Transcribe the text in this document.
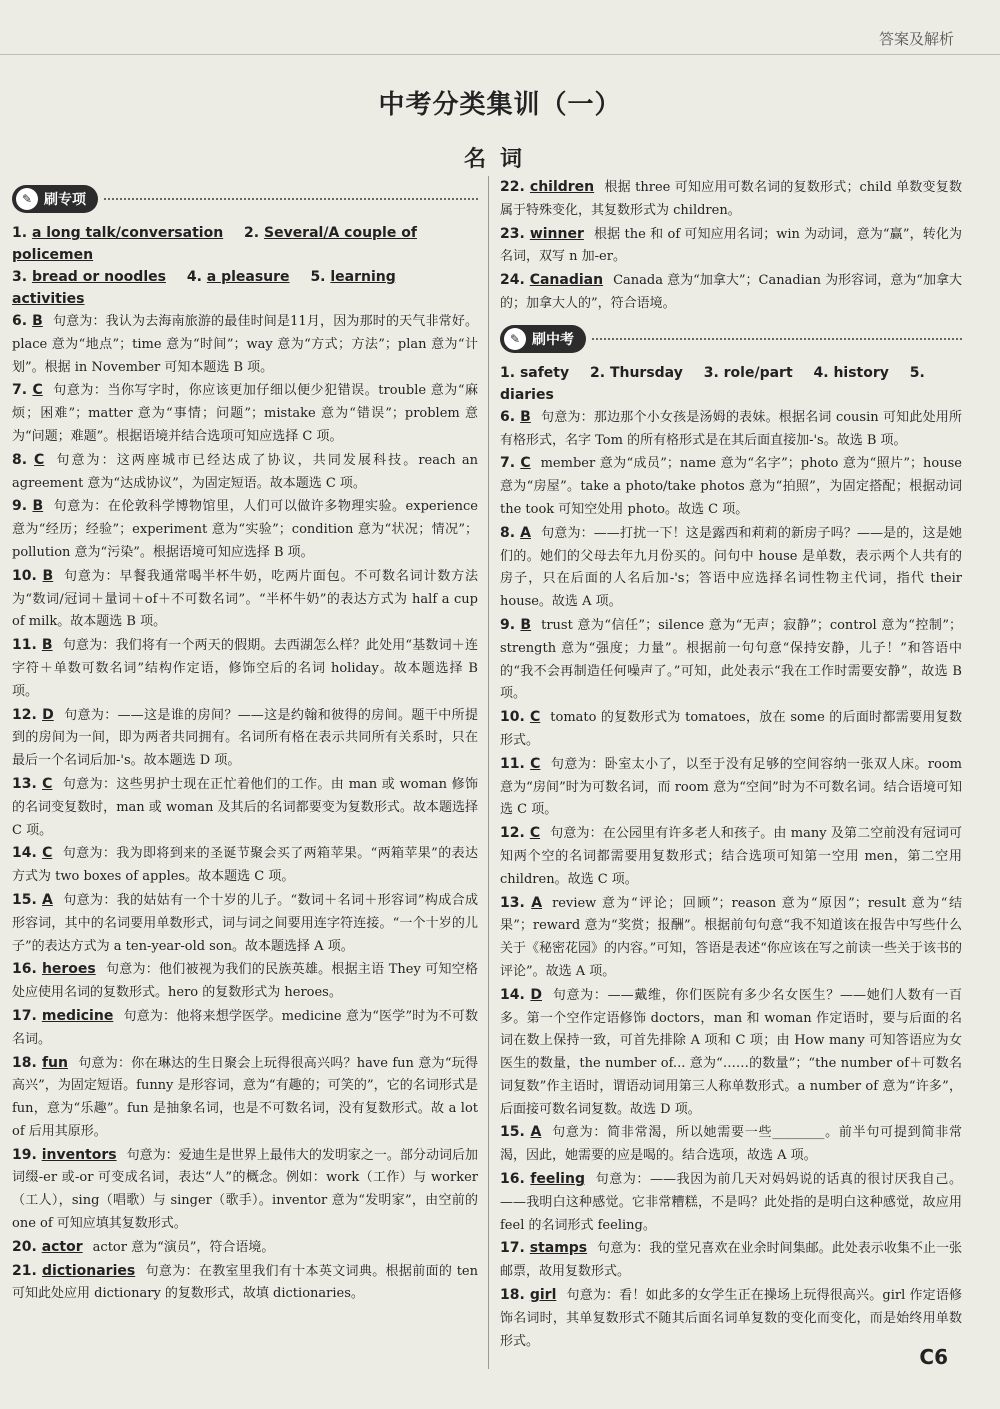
答案及解析
中考分类集训（一）
名词
✎ 刷专项
1. a long talk/conversation 2. Several/A couple of policemen
3. bread or noodles 4. a pleasure 5. learning activities

6. B 句意为：我认为去海南旅游的最佳时间是11月，因为那时的天气非常好。place 意为“地点”；time 意为“时间”；way 意为“方式；方法”；plan 意为“计划”。根据 in November 可知本题选 B 项。

7. C 句意为：当你写字时，你应该更加仔细以便少犯错误。trouble 意为“麻烦；困难”；matter 意为“事情；问题”；mistake 意为“错误”；problem 意为“问题；难题”。根据语境并结合选项可知应选择 C 项。

8. C 句意为：这两座城市已经达成了协议，共同发展科技。reach an agreement 意为“达成协议”，为固定短语。故本题选 C 项。

9. B 句意为：在伦敦科学博物馆里，人们可以做许多物理实验。experience 意为“经历；经验”；experiment 意为“实验”；condition 意为“状况；情况”；pollution 意为“污染”。根据语境可知应选择 B 项。

10. B 句意为：早餐我通常喝半杯牛奶，吃两片面包。不可数名词计数方法为“数词/冠词＋量词＋of＋不可数名词”。“半杯牛奶”的表达方式为 half a cup of milk。故本题选 B 项。

11. B 句意为：我们将有一个两天的假期。去西湖怎么样？此处用“基数词＋连字符＋单数可数名词”结构作定语，修饰空后的名词 holiday。故本题选择 B 项。

12. D 句意为：——这是谁的房间？——这是约翰和彼得的房间。题干中所提到的房间为一间，即为两者共同拥有。名词所有格在表示共同所有关系时，只在最后一个名词后加-'s。故本题选 D 项。

13. C 句意为：这些男护士现在正忙着他们的工作。由 man 或 woman 修饰的名词变复数时，man 或 woman 及其后的名词都要变为复数形式。故本题选择 C 项。

14. C 句意为：我为即将到来的圣诞节聚会买了两箱苹果。“两箱苹果”的表达方式为 two boxes of apples。故本题选 C 项。

15. A 句意为：我的姑姑有一个十岁的儿子。“数词＋名词＋形容词”构成合成形容词，其中的名词要用单数形式，词与词之间要用连字符连接。“一个十岁的儿子”的表达方式为 a ten-year-old son。故本题选择 A 项。

16. heroes 句意为：他们被视为我们的民族英雄。根据主语 They 可知空格处应使用名词的复数形式。hero 的复数形式为 heroes。

17. medicine 句意为：他将来想学医学。medicine 意为“医学”时为不可数名词。

18. fun 句意为：你在琳达的生日聚会上玩得很高兴吗？have fun 意为“玩得高兴”，为固定短语。funny 是形容词，意为“有趣的；可笑的”，它的名词形式是 fun，意为“乐趣”。fun 是抽象名词，也是不可数名词，没有复数形式。故 a lot of 后用其原形。

19. inventors 句意为：爱迪生是世界上最伟大的发明家之一。部分动词后加词缀-er 或-or 可变成名词，表达“人”的概念。例如：work（工作）与 worker（工人），sing（唱歌）与 singer（歌手）。inventor 意为“发明家”，由空前的 one of 可知应填其复数形式。

20. actor actor 意为“演员”，符合语境。

21. dictionaries 句意为：在教室里我们有十本英文词典。根据前面的 ten 可知此处应用 dictionary 的复数形式，故填 dictionaries。

22. children 根据 three 可知应用可数名词的复数形式；child 单数变复数属于特殊变化，其复数形式为 children。

23. winner 根据 the 和 of 可知应用名词；win 为动词，意为“赢”，转化为名词，双写 n 加-er。

24. Canadian Canada 意为“加拿大”；Canadian 为形容词，意为“加拿大的；加拿大人的”，符合语境。

✎ 刷中考
1. safety 2. Thursday 3. role/part 4. history 5. diaries

6. B 句意为：那边那个小女孩是汤姆的表妹。根据名词 cousin 可知此处用所有格形式，名字 Tom 的所有格形式是在其后面直接加-'s。故选 B 项。

7. C member 意为“成员”；name 意为“名字”；photo 意为“照片”；house 意为“房屋”。take a photo/take photos 意为“拍照”，为固定搭配；根据动词 the took 可知空处用 photo。故选 C 项。

8. A 句意为：——打扰一下！这是露西和莉莉的新房子吗？——是的，这是她们的。她们的父母去年九月份买的。问句中 house 是单数，表示两个人共有的房子，只在后面的人名后加-'s；答语中应选择名词性物主代词，指代 their house。故选 A 项。

9. B trust 意为“信任”；silence 意为“无声；寂静”；control 意为“控制”；strength 意为“强度；力量”。根据前一句句意“保持安静，儿子！”和答语中的“我不会再制造任何噪声了。”可知，此处表示“我在工作时需要安静”，故选 B 项。

10. C tomato 的复数形式为 tomatoes，放在 some 的后面时都需要用复数形式。

11. C 句意为：卧室太小了，以至于没有足够的空间容纳一张双人床。room 意为“房间”时为可数名词，而 room 意为“空间”时为不可数名词。结合语境可知选 C 项。

12. C 句意为：在公园里有许多老人和孩子。由 many 及第二空前没有冠词可知两个空的名词都需要用复数形式；结合选项可知第一空用 men，第二空用 children。故选 C 项。

13. A review 意为“评论；回顾”；reason 意为“原因”；result 意为“结果”；reward 意为“奖赏；报酬”。根据前句句意“我不知道该在报告中写些什么关于《秘密花园》的内容。”可知，答语是表述“你应该在写之前读一些关于该书的评论”。故选 A 项。

14. D 句意为：——戴维，你们医院有多少名女医生？——她们人数有一百多。第一个空作定语修饰 doctors，man 和 woman 作定语时，要与后面的名词在数上保持一致，可首先排除 A 项和 C 项；由 How many 可知答语应为女医生的数量，the number of... 意为“……的数量”；“the number of＋可数名词复数”作主语时，谓语动词用第三人称单数形式。a number of 意为“许多”，后面接可数名词复数。故选 D 项。

15. A 句意为：简非常渴，所以她需要一些________。前半句可提到简非常渴，因此，她需要的应是喝的。结合选项，故选 A 项。

16. feeling 句意为：——我因为前几天对妈妈说的话真的很讨厌我自己。——我明白这种感觉。它非常糟糕，不是吗？此处指的是明白这种感觉，故应用 feel 的名词形式 feeling。

17. stamps 句意为：我的堂兄喜欢在业余时间集邮。此处表示收集不止一张邮票，故用复数形式。

18. girl 句意为：看！如此多的女学生正在操场上玩得很高兴。girl 作定语修饰名词时，其单复数形式不随其后面名词单复数的变化而变化，而是始终用单数形式。

C6
